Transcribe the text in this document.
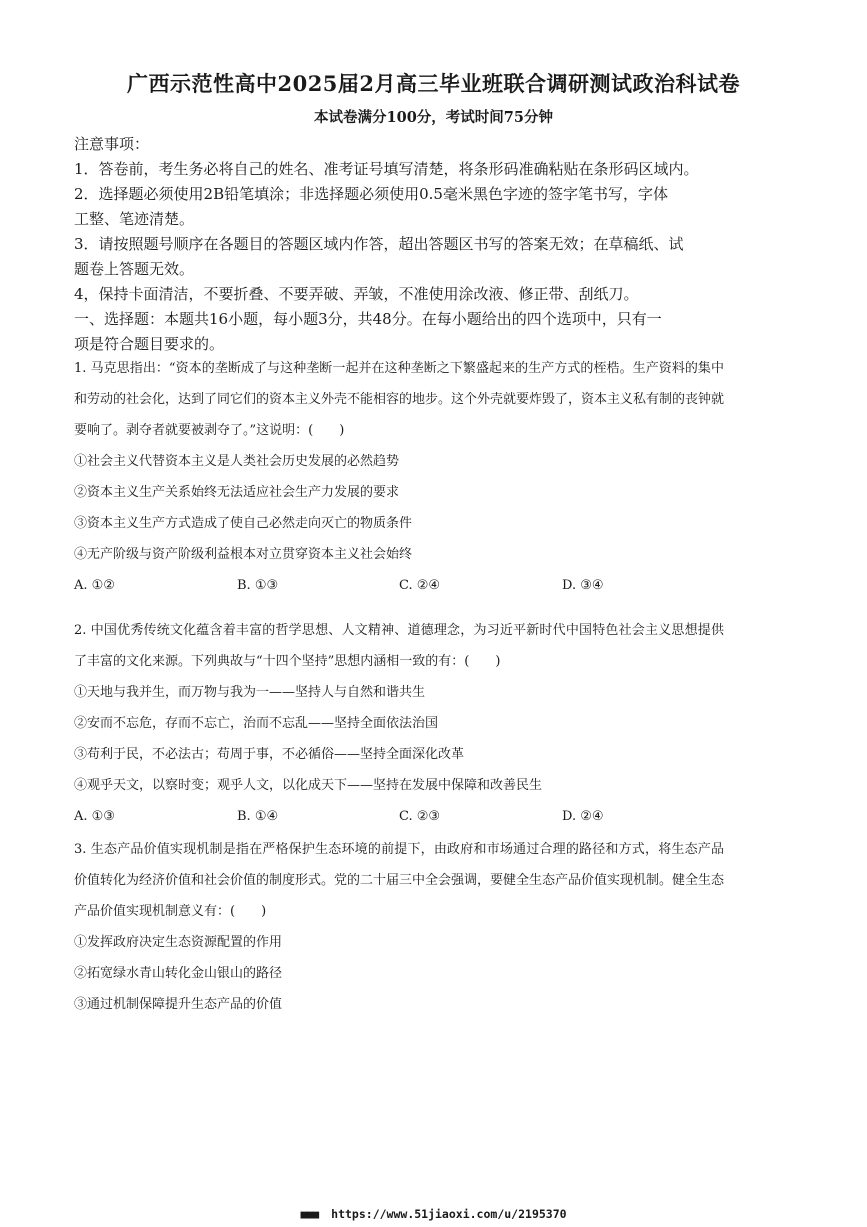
广西示范性高中2025届2月高三毕业班联合调研测试政治科试卷
本试卷满分100分，考试时间75分钟
注意事项：
1．答卷前，考生务必将自己的姓名、准考证号填写清楚，将条形码准确粘贴在条形码区域内。
2．选择题必须使用2B铅笔填涂；非选择题必须使用0.5毫米黑色字迹的签字笔书写，字体
工整、笔迹清楚。
3．请按照题号顺序在各题目的答题区域内作答，超出答题区书写的答案无效；在草稿纸、试
题卷上答题无效。
4，保持卡面清洁，不要折叠、不要弄破、弄皱，不准使用涂改液、修正带、刮纸刀。
一、选择题：本题共16小题，每小题3分，共48分。在每小题给出的四个选项中，只有一
项是符合题目要求的。
1. 马克思指出：“资本的垄断成了与这种垄断一起并在这种垄断之下繁盛起来的生产方式的桎梏。生产资料的集中和劳动的社会化，达到了同它们的资本主义外壳不能相容的地步。这个外壳就要炸毁了，资本主义私有制的丧钟就要响了。剥夺者就要被剥夺了。”这说明：(　　)
①社会主义代替资本主义是人类社会历史发展的必然趋势
②资本主义生产关系始终无法适应社会生产力发展的要求
③资本主义生产方式造成了使自己必然走向灭亡的物质条件
④无产阶级与资产阶级利益根本对立贯穿资本主义社会始终
A. ①②	B. ①③	C. ②④	D. ③④
2. 中国优秀传统文化蕴含着丰富的哲学思想、人文精神、道德理念，为习近平新时代中国特色社会主义思想提供了丰富的文化来源。下列典故与“十四个坚持”思想内涵相一致的有：(　　)
①天地与我并生，而万物与我为一——坚持人与自然和谐共生
②安而不忘危，存而不忘亡，治而不忘乱——坚持全面依法治国
③苟利于民，不必法古；苟周于事，不必循俗——坚持全面深化改革
④观乎天文，以察时变；观乎人文，以化成天下——坚持在发展中保障和改善民生
A. ①③	B. ①④	C. ②③	D. ②④
3. 生态产品价值实现机制是指在严格保护生态环境的前提下，由政府和市场通过合理的路径和方式，将生态产品价值转化为经济价值和社会价值的制度形式。党的二十届三中全会强调，要健全生态产品价值实现机制。健全生态产品价值实现机制意义有：(　　)
①发挥政府决定生态资源配置的作用
②拓宽绿水青山转化金山银山的路径
③通过机制保障提升生态产品的价值
■■■ https://www.51jiaoxi.com/u/2195370
